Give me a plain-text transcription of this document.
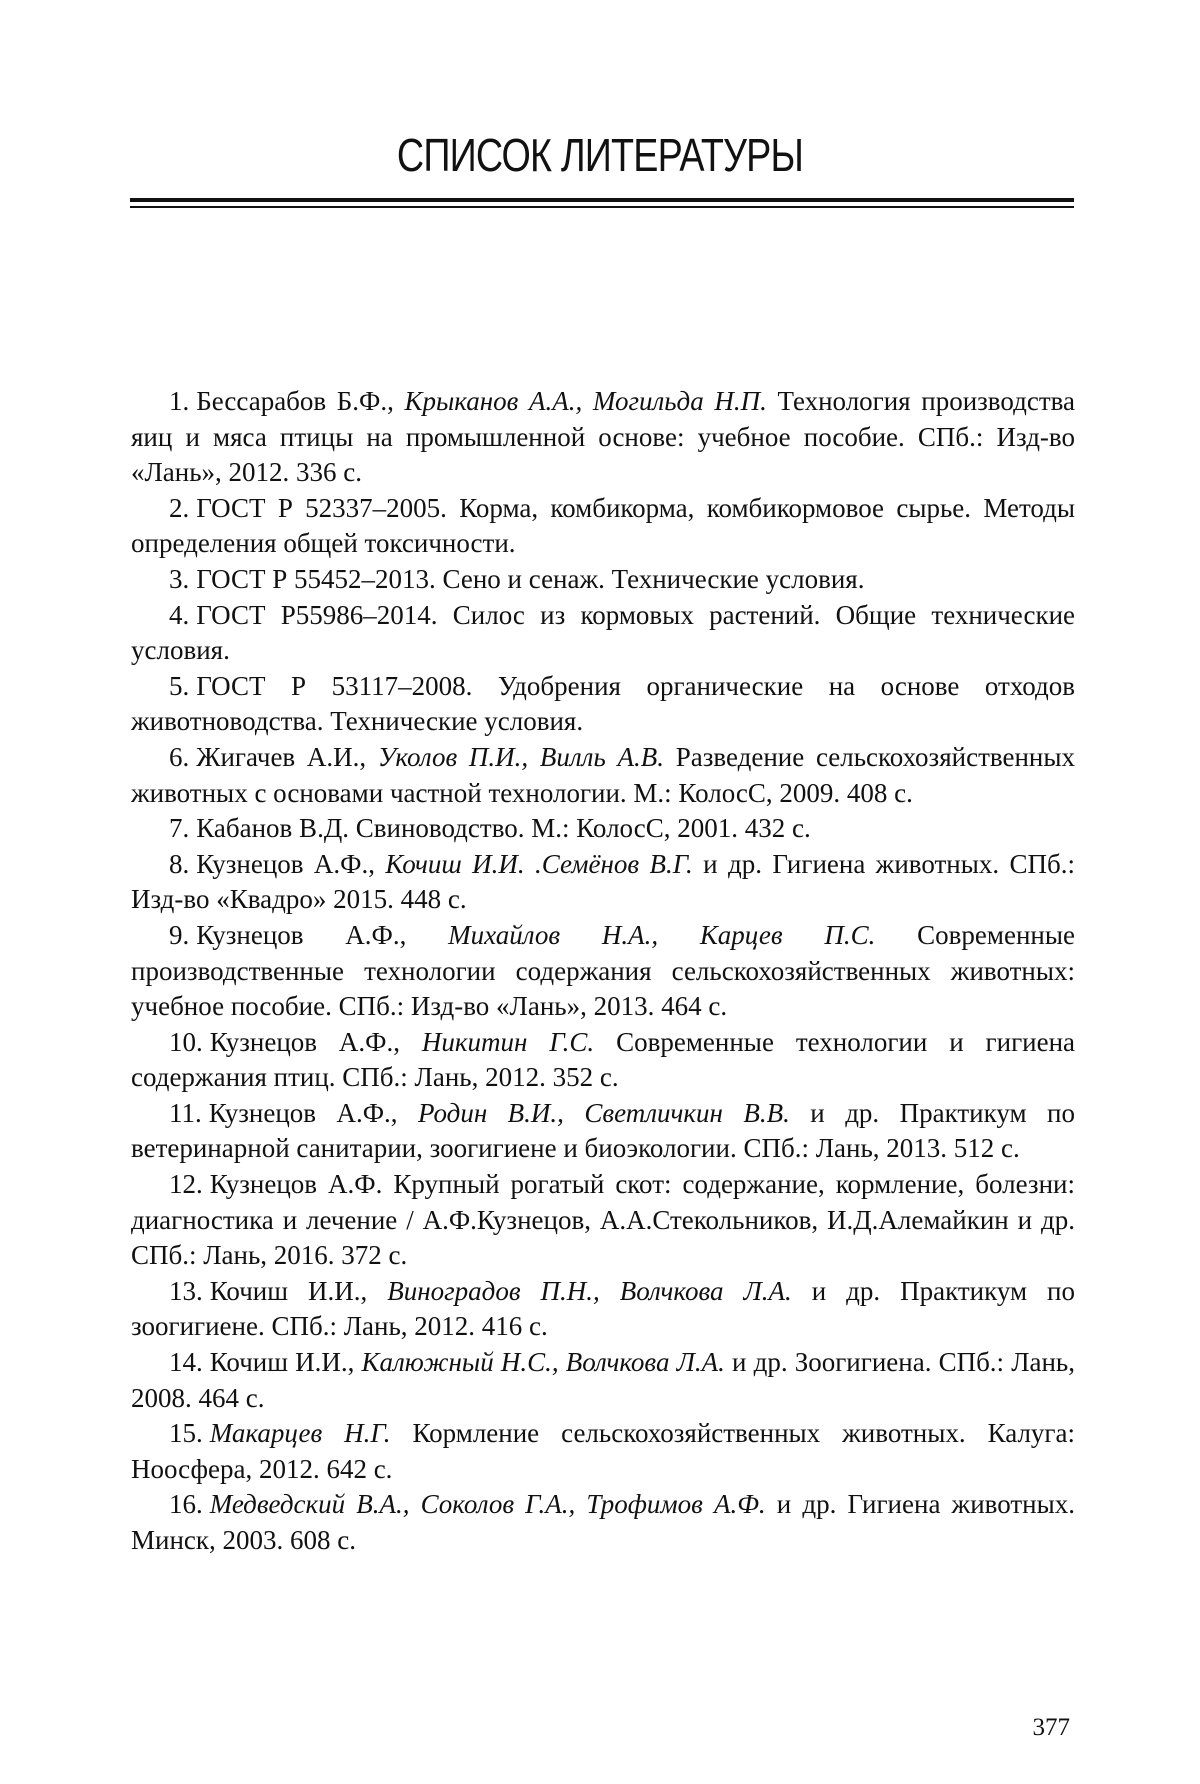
СПИСОК ЛИТЕРАТУРЫ
1. Бессарабов Б.Ф., Крыканов А.А., Могильда Н.П. Технология производства яиц и мяса птицы на промышленной основе: учебное пособие. СПб.: Изд-во «Лань», 2012. 336 с.
2. ГОСТ Р 52337–2005. Корма, комбикорма, комбикормовое сырье. Методы определения общей токсичности.
3. ГОСТ Р 55452–2013. Сено и сенаж. Технические условия.
4. ГОСТ Р55986–2014. Силос из кормовых растений. Общие технические условия.
5. ГОСТ Р 53117–2008. Удобрения органические на основе отходов животноводства. Технические условия.
6. Жигачев А.И., Уколов П.И., Вилль А.В. Разведение сельскохозяйственных животных с основами частной технологии. М.: КолосС, 2009. 408 с.
7. Кабанов В.Д. Свиноводство. М.: КолосС, 2001. 432 с.
8. Кузнецов А.Ф., Кочиш И.И. .Семёнов В.Г. и др. Гигиена животных. СПб.: Изд-во «Квадро» 2015. 448 с.
9. Кузнецов А.Ф., Михайлов Н.А., Карцев П.С. Современные производственные технологии содержания сельскохозяйственных животных: учебное пособие. СПб.: Изд-во «Лань», 2013. 464 с.
10. Кузнецов А.Ф., Никитин Г.С. Современные технологии и гигиена содержания птиц. СПб.: Лань, 2012. 352 с.
11. Кузнецов А.Ф., Родин В.И., Светличкин В.В. и др. Практикум по ветеринарной санитарии, зоогигиене и биоэкологии. СПб.: Лань, 2013. 512 с.
12. Кузнецов А.Ф. Крупный рогатый скот: содержание, кормление, болезни: диагностика и лечение / А.Ф.Кузнецов, А.А.Стекольников, И.Д.Алемайкин и др. СПб.: Лань, 2016. 372 с.
13. Кочиш И.И., Виноградов П.Н., Волчкова Л.А. и др. Практикум по зоогигиене. СПб.: Лань, 2012. 416 с.
14. Кочиш И.И., Калюжный Н.С., Волчкова Л.А. и др. Зоогигиена. СПб.: Лань, 2008. 464 с.
15. Макарцев Н.Г. Кормление сельскохозяйственных животных. Калуга: Ноосфера, 2012. 642 с.
16. Медведский В.А., Соколов Г.А., Трофимов А.Ф. и др. Гигиена животных. Минск, 2003. 608 с.
377
